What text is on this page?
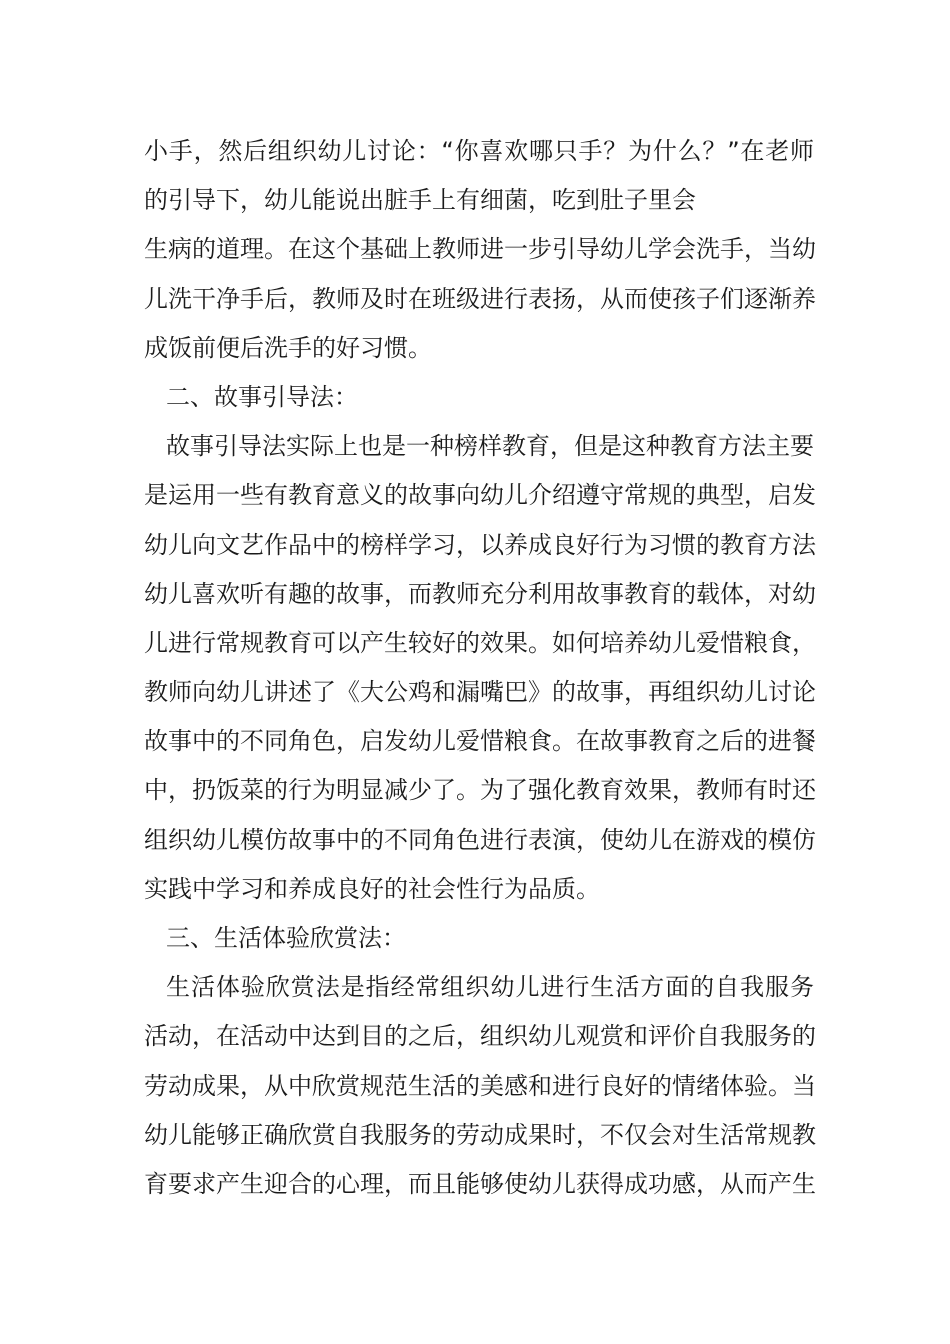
小手，然后组织幼儿讨论：“你喜欢哪只手？为什么？”在老师
的引导下，幼儿能说出脏手上有细菌，吃到肚子里会
生病的道理。在这个基础上教师进一步引导幼儿学会洗手，当幼
儿洗干净手后，教师及时在班级进行表扬，从而使孩子们逐渐养
成饭前便后洗手的好习惯。
二、故事引导法：
故事引导法实际上也是一种榜样教育，但是这种教育方法主要
是运用一些有教育意义的故事向幼儿介绍遵守常规的典型，启发
幼儿向文艺作品中的榜样学习，以养成良好行为习惯的教育方法
幼儿喜欢听有趣的故事，而教师充分利用故事教育的载体，对幼
儿进行常规教育可以产生较好的效果。如何培养幼儿爱惜粮食，
教师向幼儿讲述了《大公鸡和漏嘴巴》的故事，再组织幼儿讨论
故事中的不同角色，启发幼儿爱惜粮食。在故事教育之后的进餐
中，扔饭菜的行为明显减少了。为了强化教育效果，教师有时还
组织幼儿模仿故事中的不同角色进行表演，使幼儿在游戏的模仿
实践中学习和养成良好的社会性行为品质。
三、生活体验欣赏法：
生活体验欣赏法是指经常组织幼儿进行生活方面的自我服务
活动，在活动中达到目的之后，组织幼儿观赏和评价自我服务的
劳动成果，从中欣赏规范生活的美感和进行良好的情绪体验。当
幼儿能够正确欣赏自我服务的劳动成果时，不仅会对生活常规教
育要求产生迎合的心理，而且能够使幼儿获得成功感，从而产生
